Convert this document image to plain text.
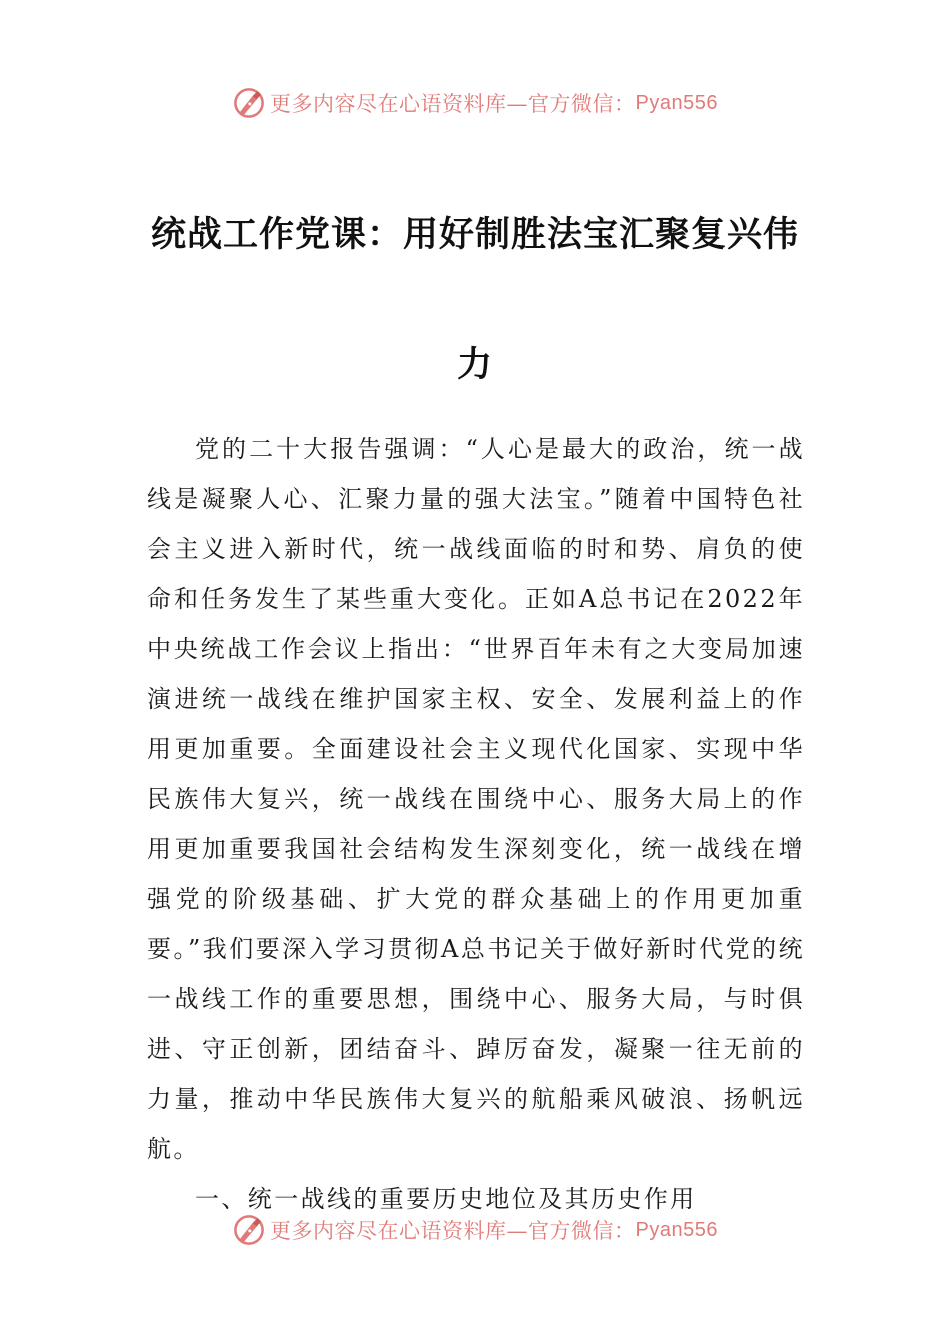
更多内容尽在心语资料库—官方微信： Pyan556
统战工作党课：用好制胜法宝汇聚复兴伟
力

党的二十大报告强调：“人心是最大的政治，统一战线是凝聚人心、汇聚力量的强大法宝。”随着中国特色社会主义进入新时代，统一战线面临的时和势、肩负的使命和任务发生了某些重大变化。正如A总书记在2022年中央统战工作会议上指出：“世界百年未有之大变局加速演进统一战线在维护国家主权、安全、发展利益上的作用更加重要。全面建设社会主义现代化国家、实现中华民族伟大复兴，统一战线在围绕中心、服务大局上的作用更加重要我国社会结构发生深刻变化，统一战线在增强党的阶级基础、扩大党的群众基础上的作用更加重要。”我们要深入学习贯彻A总书记关于做好新时代党的统一战线工作的重要思想，围绕中心、服务大局，与时俱进、守正创新，团结奋斗、踔厉奋发，凝聚一往无前的力量，推动中华民族伟大复兴的航船乘风破浪、扬帆远航。

一、统一战线的重要历史地位及其历史作用

更多内容尽在心语资料库—官方微信： Pyan556
